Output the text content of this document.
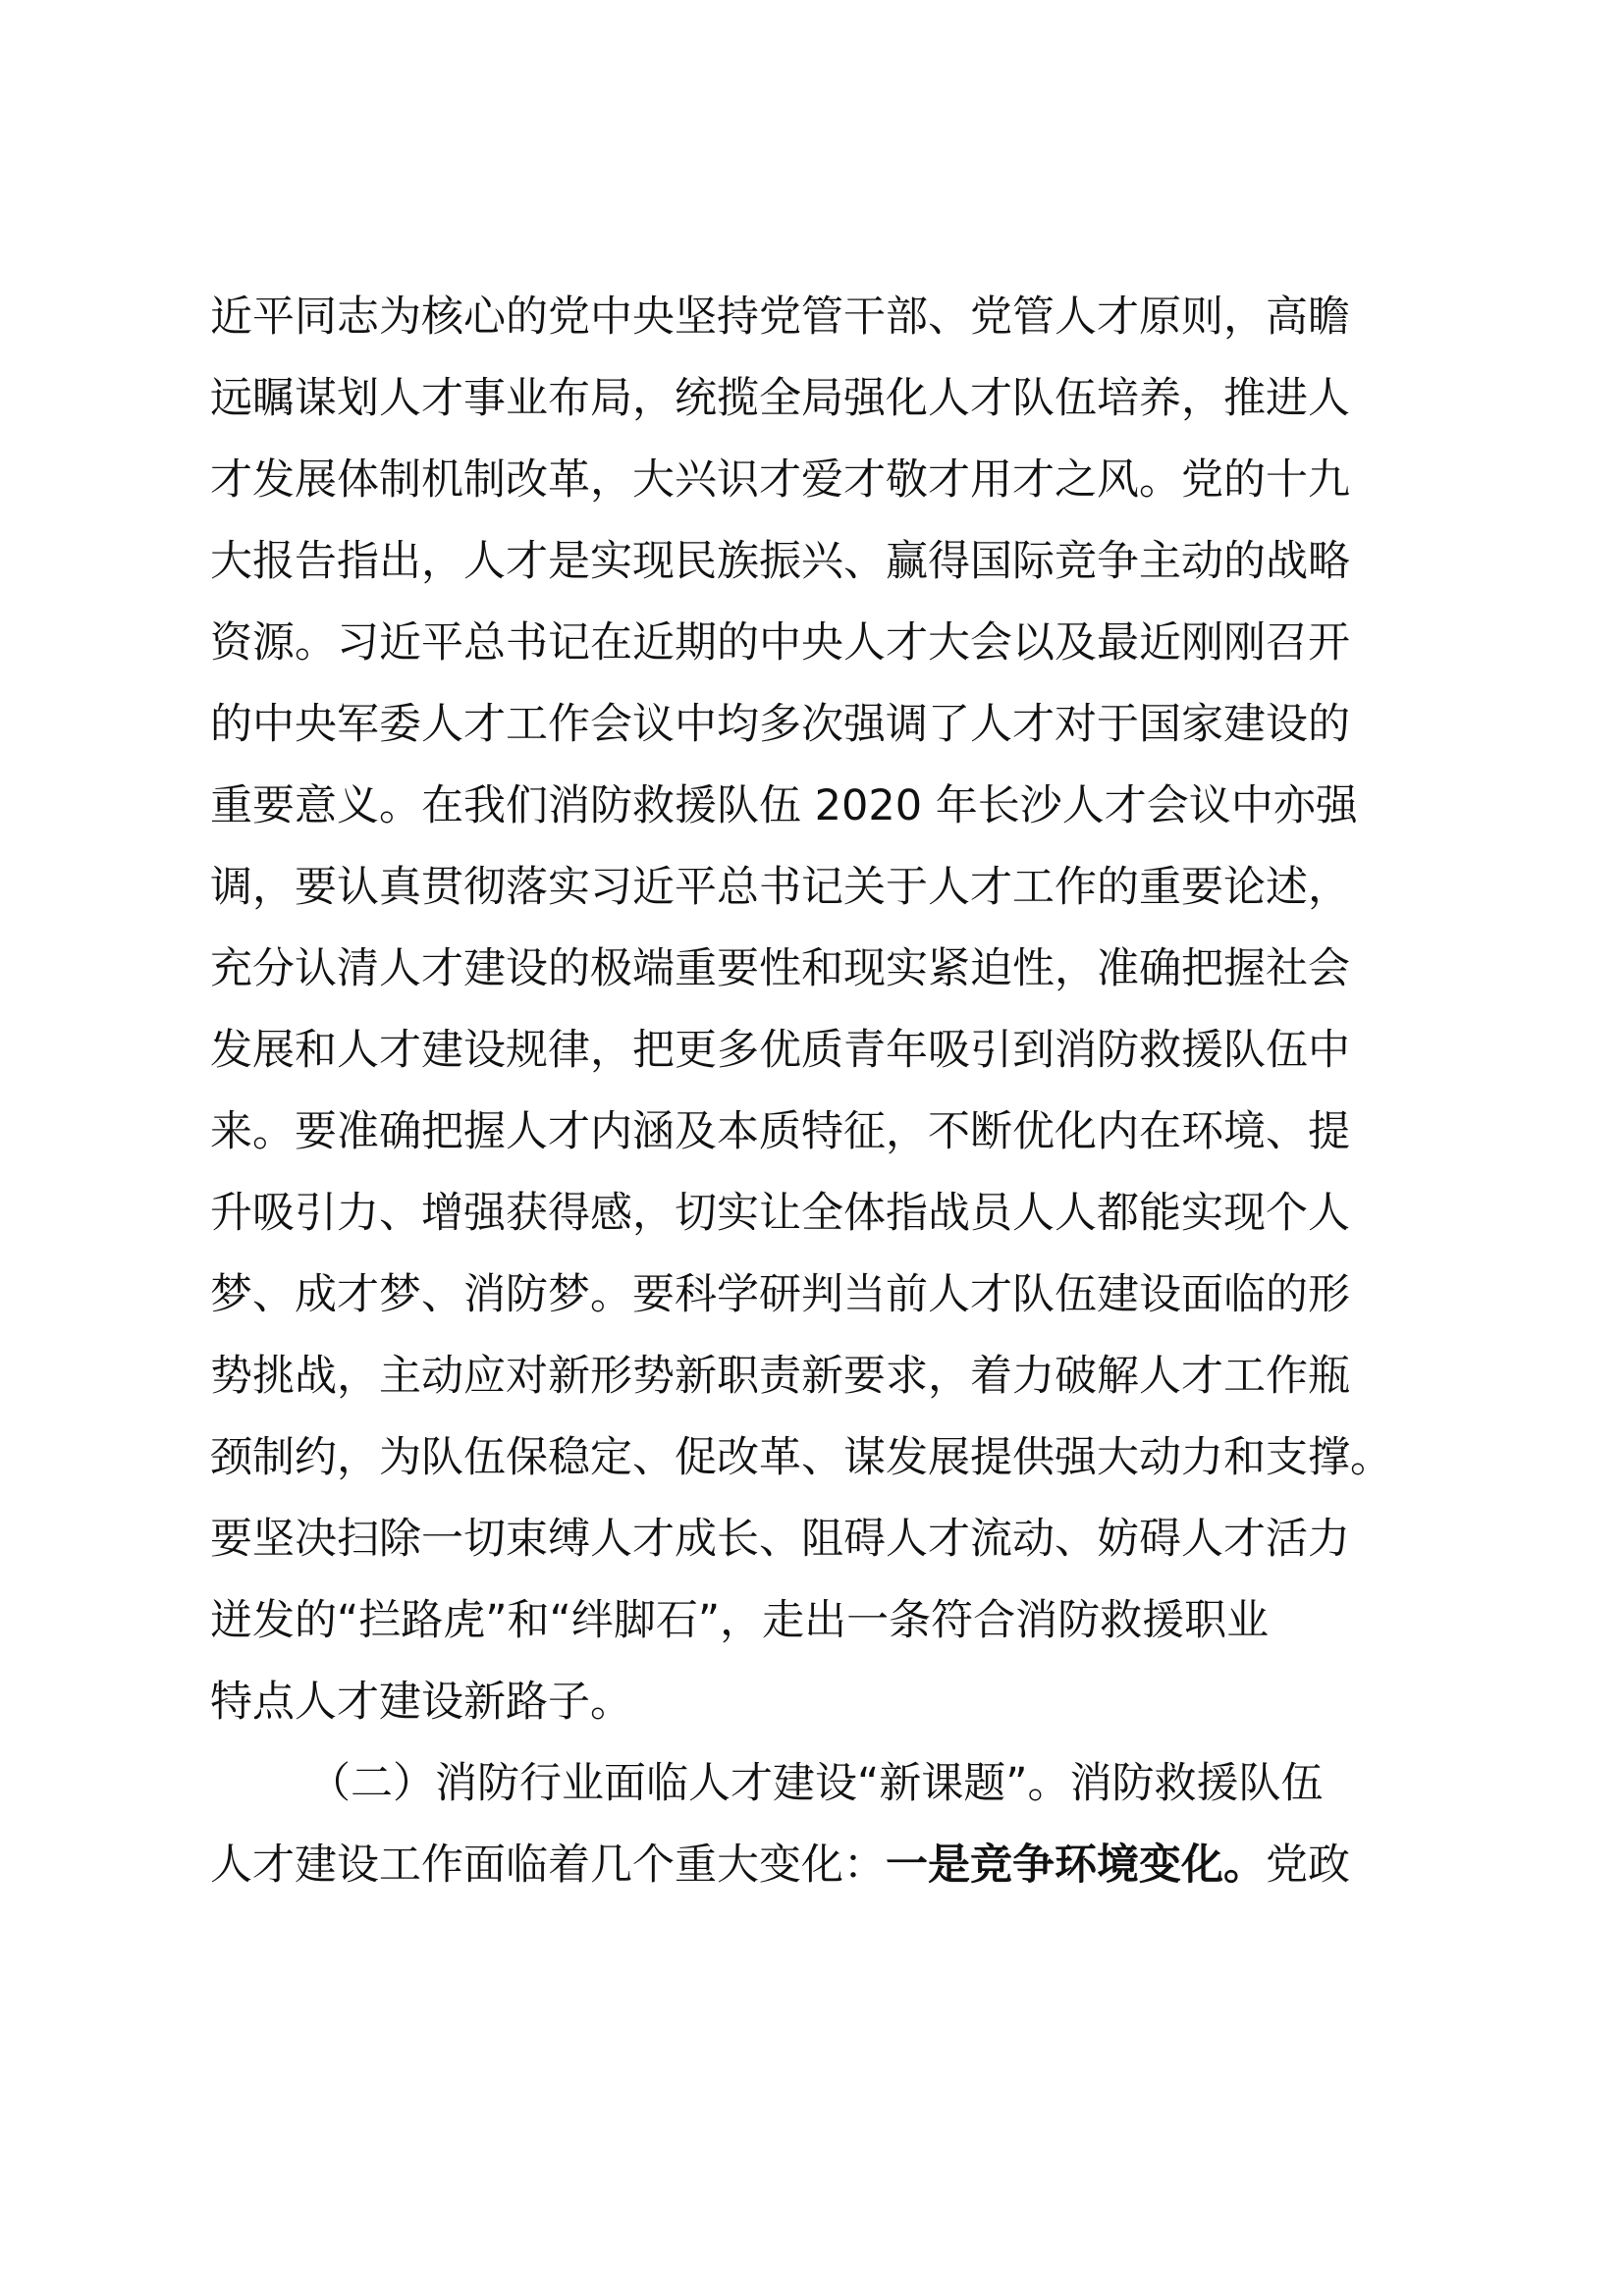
近平同志为核心的党中央坚持党管干部、党管人才原则，高瞻
远瞩谋划人才事业布局，统揽全局强化人才队伍培养，推进人
才发展体制机制改革，大兴识才爱才敬才用才之风。党的十九
大报告指出，人才是实现民族振兴、赢得国际竞争主动的战略
资源。习近平总书记在近期的中央人才大会以及最近刚刚召开
的中央军委人才工作会议中均多次强调了人才对于国家建设的
重要意义。在我们消防救援队伍 2020 年长沙人才会议中亦强
调，要认真贯彻落实习近平总书记关于人才工作的重要论述，
充分认清人才建设的极端重要性和现实紧迫性，准确把握社会
发展和人才建设规律，把更多优质青年吸引到消防救援队伍中
来。要准确把握人才内涵及本质特征，不断优化内在环境、提
升吸引力、增强获得感，切实让全体指战员人人都能实现个人
梦、成才梦、消防梦。要科学研判当前人才队伍建设面临的形
势挑战，主动应对新形势新职责新要求，着力破解人才工作瓶
颈制约，为队伍保稳定、促改革、谋发展提供强大动力和支撑。
要坚决扫除一切束缚人才成长、阻碍人才流动、妨碍人才活力
迸发的“拦路虎”和“绊脚石”，走出一条符合消防救援职业
特点人才建设新路子。
（二）消防行业面临人才建设“新课题”。消防救援队伍
人才建设工作面临着几个重大变化：一是竞争环境变化。党政
